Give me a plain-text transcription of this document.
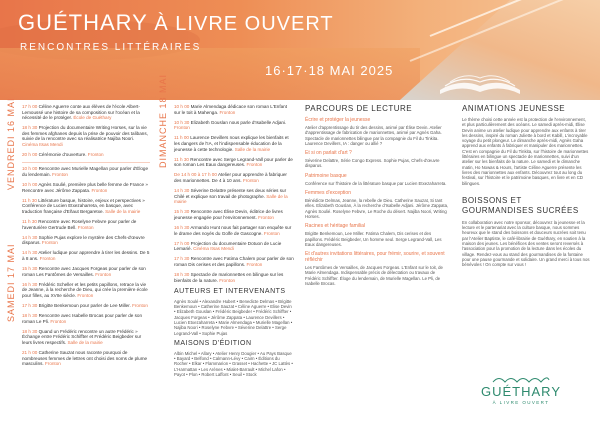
GUÉTHARY À LIVRE OUVERT
RENCONTRES LITTÉRAIRES
16·17·18 MAI 2025
VENDREDI 16 MAI
SAMEDI 17 MAI
DIMANCHE 18 MAI
17 h 00 Céline Aguerre conte aux élèves de l'école Albert-Lemoussé une histoire de sa composition sur l'océan et la nécessité de le protéger. École de Guéthary
18 h 30 Projection du documentaire Writing Horses, sur la vie des femmes afghanes depuis la prise de pouvoir des talibans, suivie de la rencontre avec sa réalisatrice Najiba Noori. Cinéma Itsas Mendi
20 h 00 Cérémonie d'ouverture. Fronton
10 h 00 Rencontre avec Murielle Magellan pour parler d'Éloge du lendemain. Fronton
10 h 00 Agnès Soulié, première plus belle femme de France » Rencontre avec Jérôme Zappata. Fronton
11 h 30 Littérature basque, histoire, enjeux et perspectives » Conférence de Lucien Etxezaharreta, en basque, avec traduction française d'Eñaut Bergaretxe. Salle de la mairie
11 h 30 Rencontre avec Roselyne Febvre pour parler de l'aventurière Gertrude Bell. Fronton
14 h 30 Sophie Pujas explore le mystère des Chefs-d'œuvre disparus. Fronton
14 h 30 Atelier ludique pour apprendre à tirer les dessins. De 5 à 8 ans. Fronton
15 h 30 Rencontre avec Jacques Forgeas pour parler de son roman Les Fantômes de Versailles. Fronton
16 h 30 Frédéric Scheller et les petits papillons, retrace la vie de Jeanne, à la recherche de Dieu, qui crée la première école pour filles, au XVIIe siècle. Fronton
17 h 30 Brigitte Benkemoun pour parler de Lee Miller. Fronton
18 h 30 Rencontre avec Isabelle Brocas pour parler de son roman Le Pli. Fronton
18 h 30 Quand un Frédéric rencontre un autre Frédéric » Échange entre Frédéric Schiffter et Frédéric Beigbeder sur leurs livres respectifs. Salle de la mairie
21 h 00 Catherine Sauzat nous raconte pourquoi de nombreuses femmes de lettres ont choisi des noms de plume masculins. Fronton
10 h 00 Marie Almendaga dédicace son roman L'Enfant sur le toit à Mahenga. Fronton
10 h 30 Elizabeth Gouslan nous parle d'Isabelle Adjani. Fronton
11 h 00 Laurence Devillers nous explique les bienfaits et les dangers de l'IA, et l'indispensable éducation de la jeunesse à cette technologie. Salle de la mairie
11 h 30 Rencontre avec Serge Legrand-Vall pour parler de son roman Les Eaux dangereuses. Fronton
De 14 h 00 à 17 h 00 Atelier pour apprendre à fabriquer des marionnettes. De 4 à 10 ans. Fronton
14 h 30 Séverine Delattre présente ses deux séries sur Chilé et explique son travail de photographe. Salle de la mairie
15 h 30 Rencontre avec Élise Devin, éditrice de livres jeunesse engagée pour l'environnement. Fronton
16 h 30 Armando Hunt nous fait partager son enquête sur le drame des noyés du Golfe de Gascogne. Fronton
17 h 00 Projection du documentaire Dotuon de Lucie Lemarié. Cinéma Itsas Mendi
17 h 30 Rencontre avec Fatima Chalem pour parler de son roman Dis cerises et des papillons. Fronton
18 h 30 Spectacle de marionnettes en bilingue sur les bienfaits de la nature. Fronton
AUTEURS ET INTERVENANTS
Agnès Soulé • Alexandre Hubert • Benedicte Delmas • Brigitte Benkemoun • Catherine Sauzat • Céline Aguerre • Elise Devin • Elizabeth Gouslan • Frédéric Beigbeder • Frédéric Schiffter • Jacques Forgeas • Jérôme Zappata • Laurence Devillers • Lucien Etxezaharreta • Marie Almendaga • Murielle Magellan • Najiba Noori • Roselyne Febvre • Séverine Delattre • Serge Legrand-Vall • Sophie Pujas
MAISONS D'ÉDITION
Albin Michel • Allary • Atelier Henry Dougier • Au Pays Basque • Bayard • Belfond • Calmann-Lévy • Cairn • Éditions du Rocher • Elkar • Flammarion • Grasset • Hachette • JC Lattès • L'Harmattan • Les Arènes • Mialet-Barrault • Michel Lafon • Payot • Plon • Robert Laffont • Seuil • Stock
PARCOURS DE LECTURE
Écrire et protéger la jeunesse
Atelier d'apprentissage du tir des dessins, animé par Élise Devin. Atelier d'apprentissage de fabrication de marionnettes, animé par Agnès Gaha. Spectacle de marionnettes bilingue par la compagnie du Fil du Tinkita. Laurence Devillers, IA : danger ou allié ?
Et si on parlait d'art ?
Séverine Delattre, Série Congo Express. Sophie Pujas, Chefs-d'œuvre disparus.
Patrimoine basque
Conférence sur l'histoire de la littérature basque par Lucien Etxezaharreta.
Femmes d'exception
Bénédicte Delmas, Jeanne, la rebelle de Dieu. Catherine Sauzat, Si tant elles. Elizabeth Gouslan, À la recherche d'Isabelle Adjani. Jérôme Zappata, Agnès Soulié. Roselyne Febvre, Le Roche du désert. Najiba Noori, Writing Horses.
Racines et héritage familial
Brigitte Benkemoun, Lee Miller. Fatima Chalem, Dis cerises et des papillons. Frédéric Beigbeder, Un homme seul. Serge Legrand-Vall, Les Eaux dangereuses.
Et d'autres invitations littéraires, pour frémir, sourire, et souvent réfléchir
Les Fantômes de Versailles, de Jacques Forgeas. L'Enfant sur le toit, de Marie Almendaga. Indispensable précis de délectation ou travaux de Frédéric Schiffter. Éloge du lendemain, de Murielle Magellan. Le Pli, de Isabelle Brocas.
ANIMATIONS JEUNESSE
Le thème choisi cette année est la protection de l'environnement, et plus particulièrement des océans. Le samedi après-midi, Élise Devin anime un atelier ludique pour apprendre aux enfants à tirer les dessins, inspiré du roman Juliette à bord et Kabill, L'incroyable voyage du petit plongeur. Le dimanche après-midi, Agnès Gaha apprend aux enfants à fabriquer et manipuler des marionnettes. C'est en compagnie du Fil du Tinkita, sur l'histoire de marionnettes littéraires en bilingue un spectacle de marionnettes, suivi d'un atelier sur les bienfaits de la nature. Le samedi et le dimanche matin, Ho Nowas & Hours, l'artiste Céline Aguerre présente les livres des marionnettes aux enfants. Découvrez tout au long du festival, sur l'histoire et le patrimoine basques, en livre et en CD bilingues.
BOISSONS ET GOURMANDISES SUCRÉES
En collaboration avec notre sponsor, découvrez la jeunesse et la lecture et le partenariat avec la culture basque, nous sommes heureux que le stand des boissons et douceurs sucrées soit tenu par l'Atelier Baptiste, le café-librairie de Guéthary, en soutien à la maison des jeunes. Les bénéfices des ventes seront reversés à l'association pour la promotion de la lecture dans les écoles du village. Rendez-vous au stand des gourmandises de la fontaine pour une pause gourmande et solidaire. Un grand merci à tous nos bénévoles ! On compte sur vous !
GUÉTHARY
À LIVRE OUVERT
